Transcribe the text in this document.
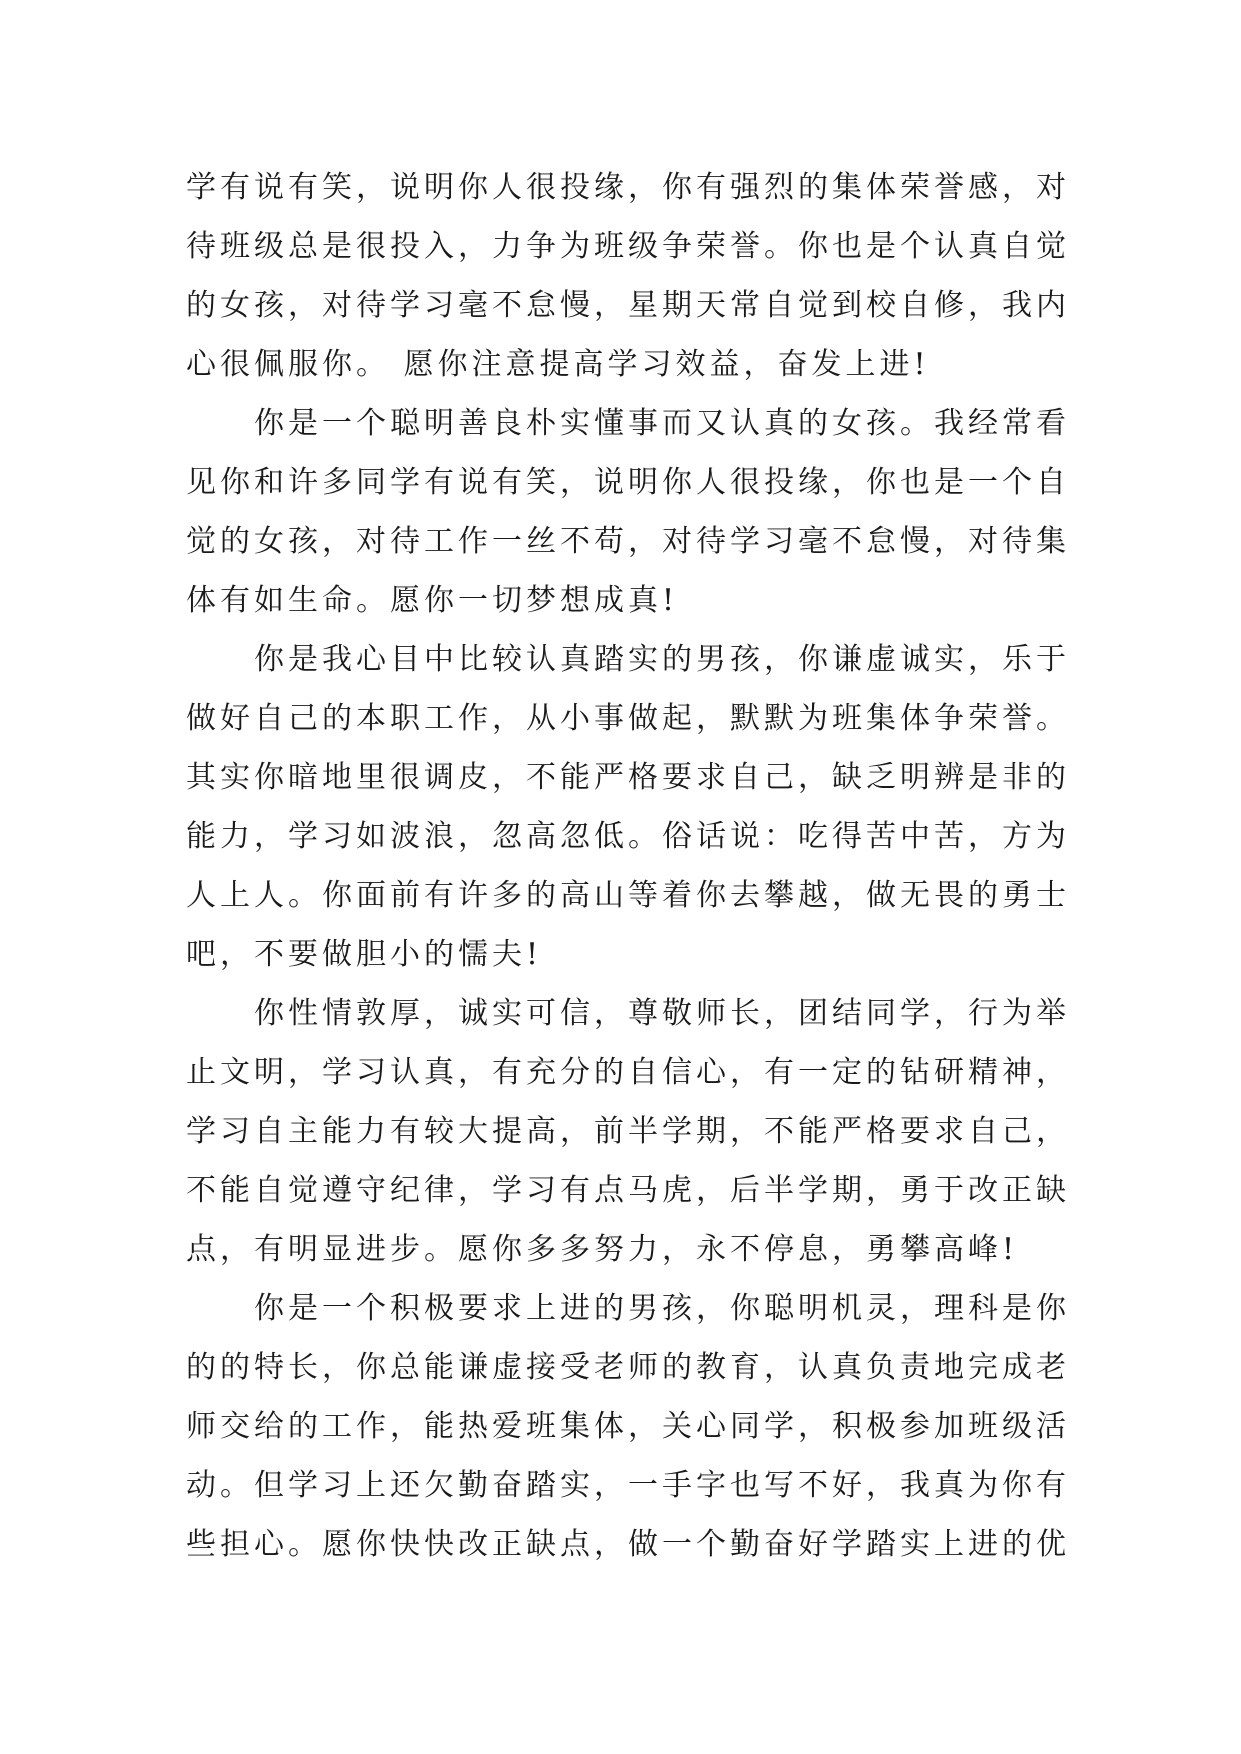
学有说有笑，说明你人很投缘，你有强烈的集体荣誉感，对
待班级总是很投入，力争为班级争荣誉。你也是个认真自觉
的女孩，对待学习毫不怠慢，星期天常自觉到校自修，我内
心很佩服你。 愿你注意提高学习效益，奋发上进!
　　你是一个聪明善良朴实懂事而又认真的女孩。我经常看
见你和许多同学有说有笑，说明你人很投缘，你也是一个自
觉的女孩，对待工作一丝不苟，对待学习毫不怠慢，对待集
体有如生命。愿你一切梦想成真!
　　你是我心目中比较认真踏实的男孩，你谦虚诚实，乐于
做好自己的本职工作，从小事做起，默默为班集体争荣誉。
其实你暗地里很调皮，不能严格要求自己，缺乏明辨是非的
能力，学习如波浪，忽高忽低。俗话说：吃得苦中苦，方为
人上人。你面前有许多的高山等着你去攀越，做无畏的勇士
吧，不要做胆小的懦夫!
　　你性情敦厚，诚实可信，尊敬师长，团结同学，行为举
止文明，学习认真，有充分的自信心，有一定的钻研精神，
学习自主能力有较大提高，前半学期，不能严格要求自己，
不能自觉遵守纪律，学习有点马虎，后半学期，勇于改正缺
点，有明显进步。愿你多多努力，永不停息，勇攀高峰!
　　你是一个积极要求上进的男孩，你聪明机灵，理科是你
的的特长，你总能谦虚接受老师的教育，认真负责地完成老
师交给的工作，能热爱班集体，关心同学，积极参加班级活
动。但学习上还欠勤奋踏实，一手字也写不好，我真为你有
些担心。愿你快快改正缺点，做一个勤奋好学踏实上进的优
